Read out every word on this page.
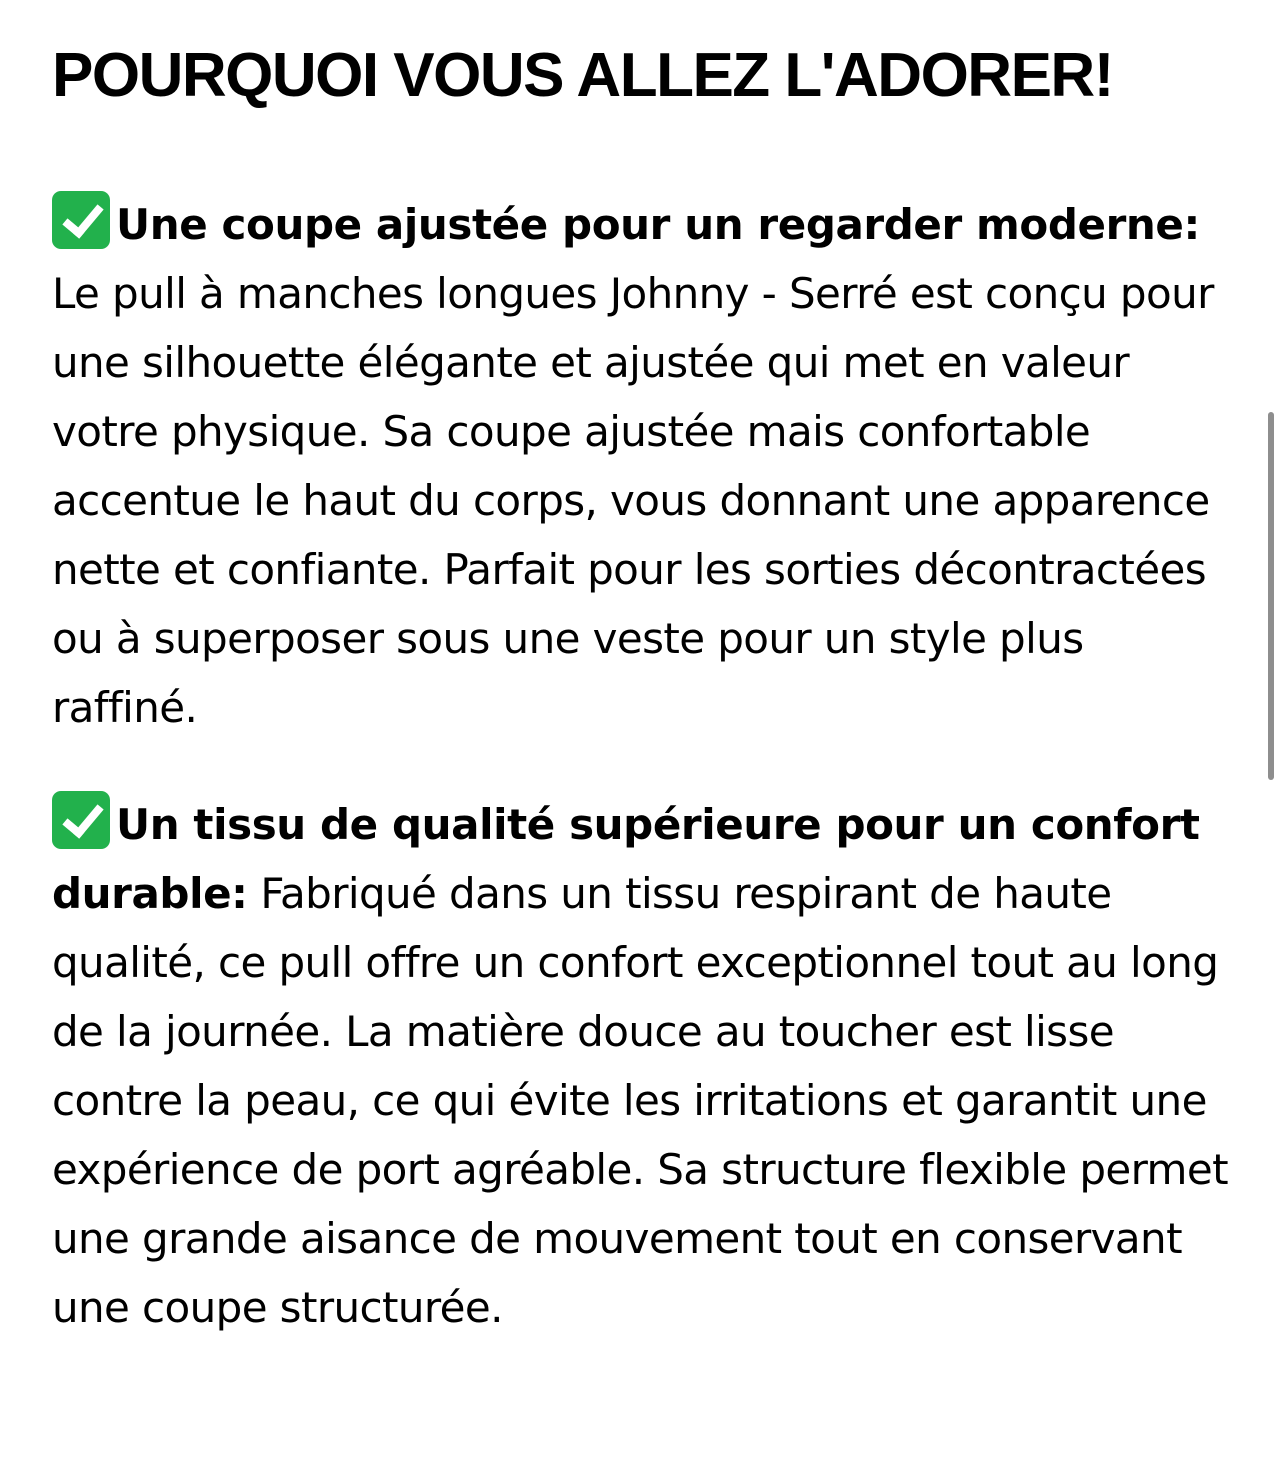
POURQUOI VOUS ALLEZ L'ADORER!

Une coupe ajustée pour un regarder moderne: Le pull à manches longues Johnny - Serré est conçu pour une silhouette élégante et ajustée qui met en valeur votre physique. Sa coupe ajustée mais confortable accentue le haut du corps, vous donnant une apparence nette et confiante. Parfait pour les sorties décontractées ou à superposer sous une veste pour un style plus raffiné.

Un tissu de qualité supérieure pour un confort durable: Fabriqué dans un tissu respirant de haute qualité, ce pull offre un confort exceptionnel tout au long de la journée. La matière douce au toucher est lisse contre la peau, ce qui évite les irritations et garantit une expérience de port agréable. Sa structure flexible permet une grande aisance de mouvement tout en conservant une coupe structurée.
